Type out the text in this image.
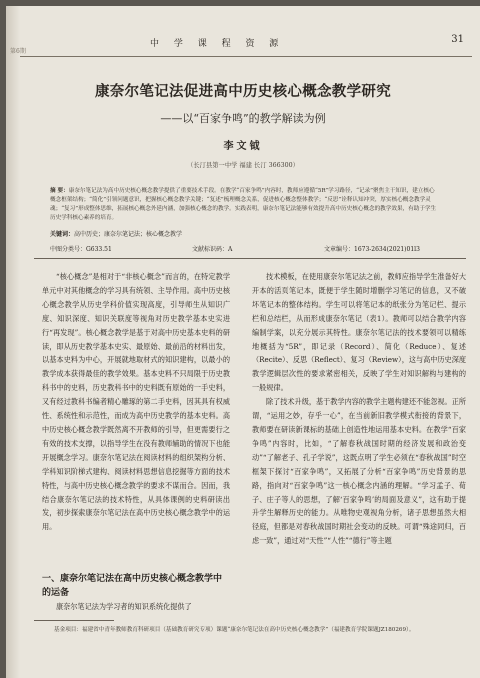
第6期
中 学 课 程 资 源	31
康奈尔笔记法促进高中历史核心概念教学研究
——以“百家争鸣”的教学解读为例
李文钺
（长汀县第一中学 福建 长汀 366300）
摘 要：康奈尔笔记法为高中历史核心概念教学提供了重要技术手段。在教学“百家争鸣”内容时，教师应遵循“5R”学习路径，“记录”聚焦主干知识，建立核心概念框架结构；“简化”引领问题意识，把握核心概念教学关键；“复述”梳理概念关系，促进核心概念整体教学；“反思”诠释认知冲突，厚实核心概念教学灵魂；“复习”形成整体思维，拓展核心概念外延内涵，加强核心概念的教学。实践表明，康奈尔笔记法能够有效提升高中历史核心概念的教学效果，有助于学生历史学科核心素养的培育。
关键词：高中历史；康奈尔笔记法；核心概念教学
中图分类号：G633.51	文献标识码：A	文章编号：1673-2634(2021)01l3

“核心概念”是相对于“非核心概念”而言的，在特定教学单元中对其他概念的学习具有统领、主导作用。高中历史核心概念教学从历史学科价值实现高度，引导师生从知识广度、知识深度、知识关联度等视角对历史教学基本史实进行“再发现”。核心概念教学是基于对高中历史基本史料的研读，即从历史教学基本史实、最原始、最前沿的材料出发，以基本史料为中心，开展就地取材式的知识建构，以最小的教学成本获得最佳的教学效果。基本史料不只局限于历史教科书中的史料，历史教科书中的史料既有原始的一手史料，又有经过教科书编者精心雕琢的第二手史料，因其具有权威性、系统性和示范性，而成为高中历史教学的基本史料。高中历史核心概念教学既然离不开教师的引导，但更需要行之有效的技术支撑，以指导学生在没有教师辅助的情况下也能开展概念学习。康奈尔笔记法在阅读材料的组织架构分析、学科知识阶梯式建构、阅读材料思想信息挖掘等方面的技术特性，与高中历史核心概念教学的要求不谋而合。因而，我结合康奈尔笔记法的技术特性，从具体课例的史料研读出发，初步探索康奈尔笔记法在高中历史核心概念教学中的运用。

一、康奈尔笔记法在高中历史核心概念教学中的运备
康奈尔笔记法为学习者的知识系统化提供了

技术模板，在使用康奈尔笔记法之前，教师应指导学生准备好大开本的活页笔记本，既便于学生随时增删学习笔记的信息，又不破坏笔记本的整体结构。学生可以将笔记本的纸张分为笔记栏、提示栏和总结栏，从而形成康奈尔笔记（表1）。教师可以结合教学内容编制学案，以充分展示其特性。康奈尔笔记法的技术要领可以精练地概括为“5R”，即记录（Record）、简化（Reduce）、复述（Recite）、反思（Reflect）、复习（Review），这与高中历史深度教学逻辑层次性的要求紧密相关，反映了学生对知识解构与建构的一般规律。

除了技术升级，基于教学内容的教学主题构建还不能忽视。正所谓，“运用之妙，存乎一心”，在当前新旧教学模式衔接的背景下，教师要在研读新课标的基础上创造性地运用基本史料。在教学“百家争鸣”内容时，比如，“了解春秋战国时期的经济发展和政治变动”“了解老子、孔子学说”，这既点明了学生必须在“春秋战国”时空框架下探讨“百家争鸣”，又拓展了分析“百家争鸣”历史背景的思路，指向对“百家争鸣”这一核心概念内涵的理解。“学习孟子、荀子、庄子等人的思想，了解‘百家争鸣’的局面及意义”，这有助于提升学生解释历史的能力。从唯物史观视角分析，诸子思想虽然大相径庭，但都是对春秋战国时期社会变动的反映。可谓“殊途同归，百虑一致”，通过对“天性”“人性”“德行”等主题

基金项目：福建省中青年教师教育科研项目（基础教育研究专项）课题“康奈尔笔记法在高中历史核心概念教学”（福建教育学院课题JZ180269）。
